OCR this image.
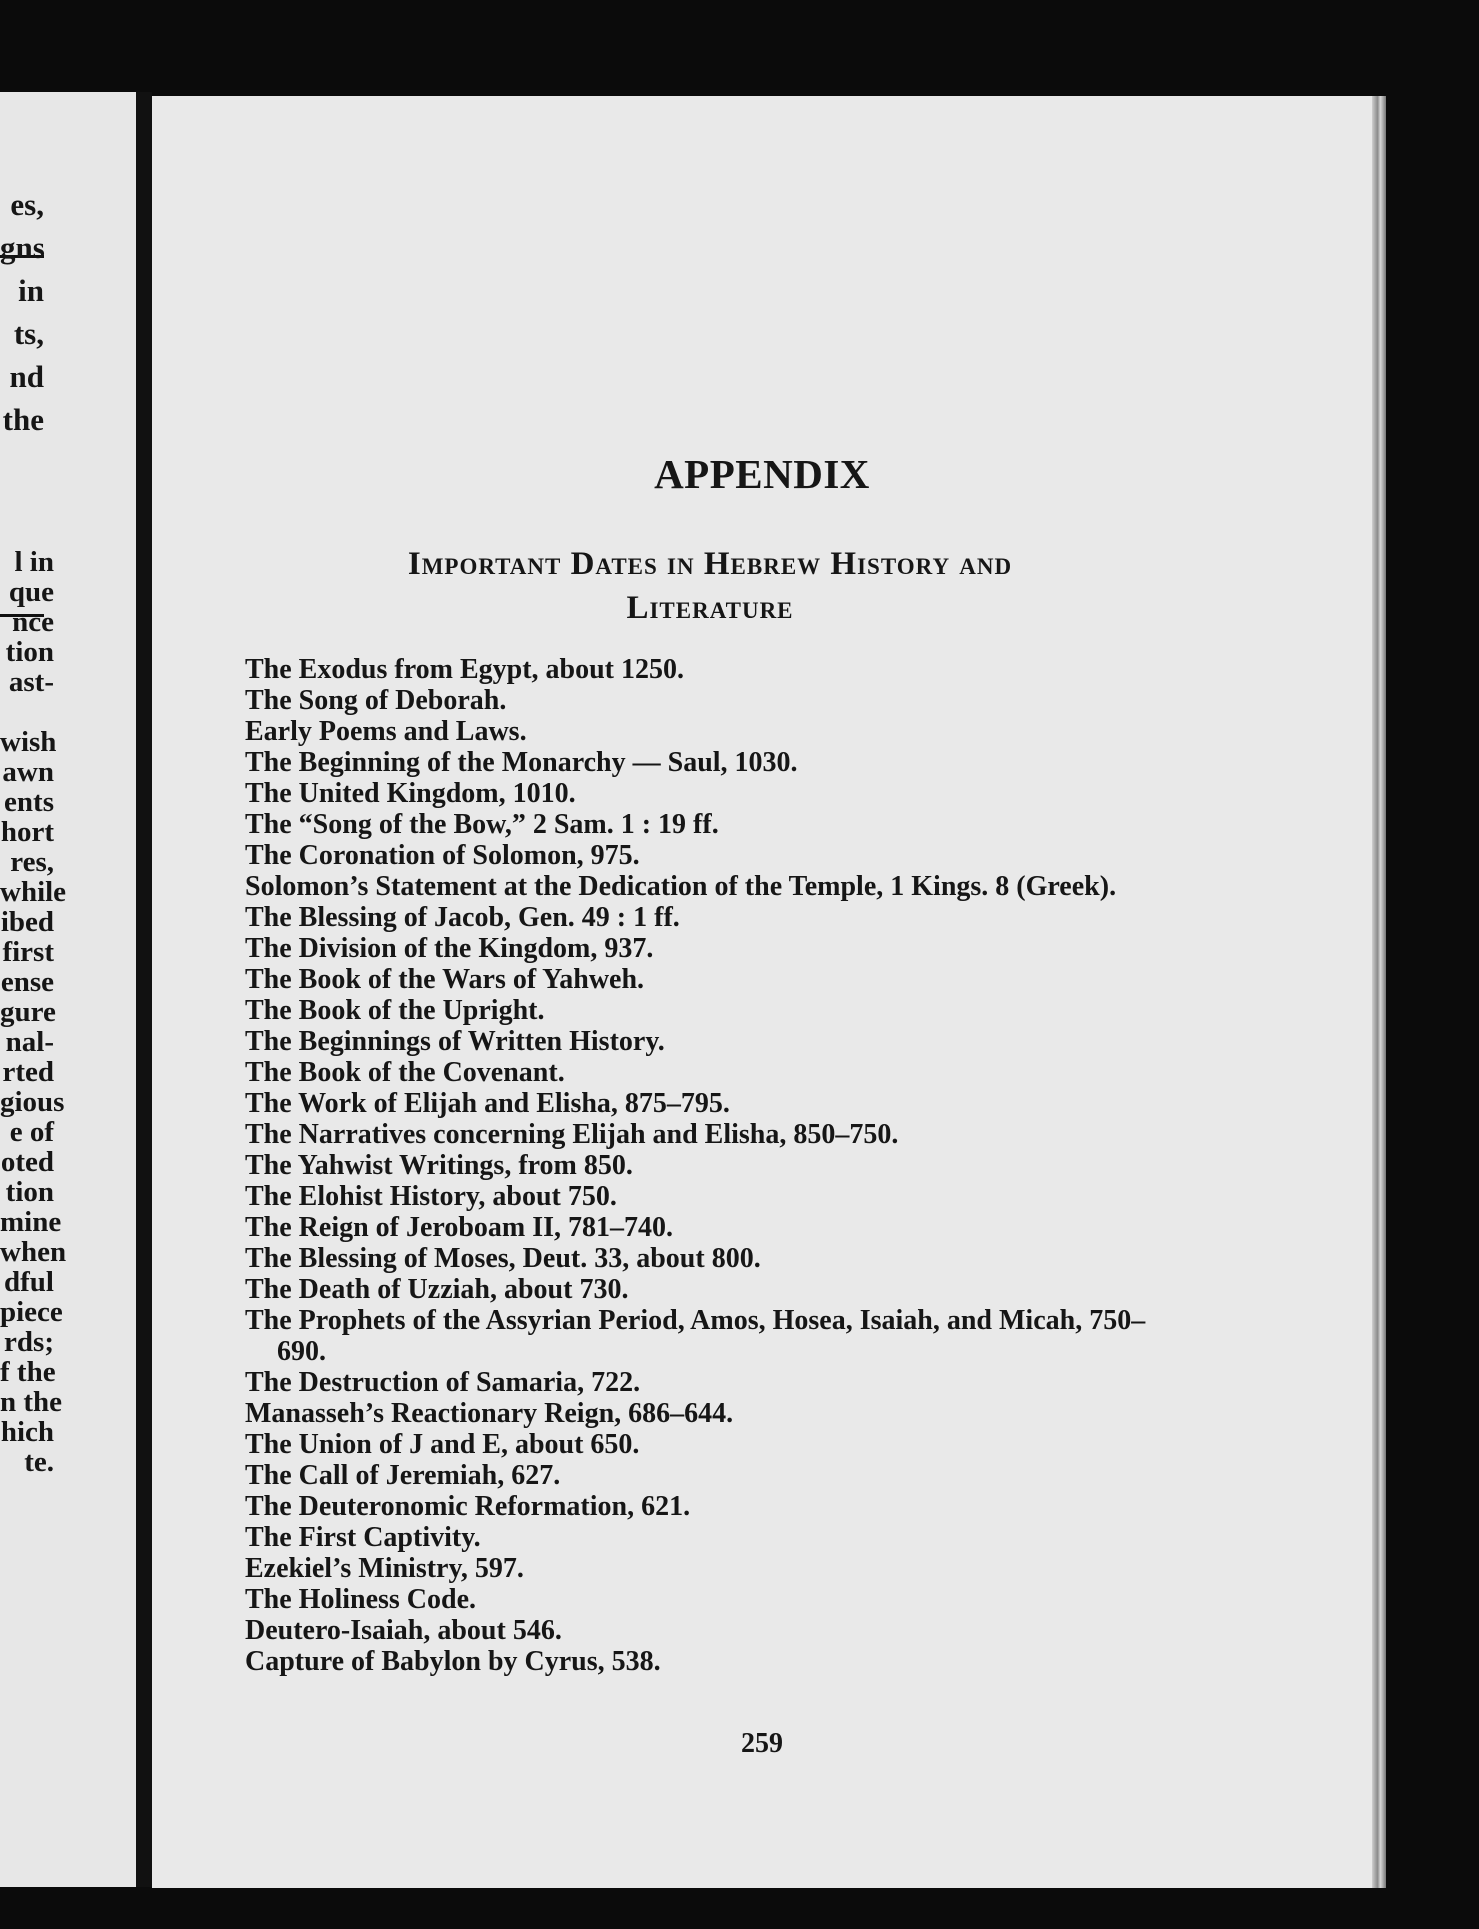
es,
gns
in
ts,
nd
the
l in
que
nce
tion
ast-

wish
awn
ents
hort
res,
while
ibed
first
ense
gure
nal-
rted
gious
e of
oted
tion
mine
when
dful
piece
rds;
f the
n the
hich
te.
APPENDIX
Important Dates in Hebrew History and
Literature
The Exodus from Egypt, about 1250.
The Song of Deborah.
Early Poems and Laws.
The Beginning of the Monarchy — Saul, 1030.
The United Kingdom, 1010.
The “Song of the Bow,” 2 Sam. 1 : 19 ff.
The Coronation of Solomon, 975.
Solomon’s Statement at the Dedication of the Temple, 1 Kings. 8 (Greek).
The Blessing of Jacob, Gen. 49 : 1 ff.
The Division of the Kingdom, 937.
The Book of the Wars of Yahweh.
The Book of the Upright.
The Beginnings of Written History.
The Book of the Covenant.
The Work of Elijah and Elisha, 875–795.
The Narratives concerning Elijah and Elisha, 850–750.
The Yahwist Writings, from 850.
The Elohist History, about 750.
The Reign of Jeroboam II, 781–740.
The Blessing of Moses, Deut. 33, about 800.
The Death of Uzziah, about 730.
The Prophets of the Assyrian Period, Amos, Hosea, Isaiah, and Micah, 750–690.
The Destruction of Samaria, 722.
Manasseh’s Reactionary Reign, 686–644.
The Union of J and E, about 650.
The Call of Jeremiah, 627.
The Deuteronomic Reformation, 621.
The First Captivity.
Ezekiel’s Ministry, 597.
The Holiness Code.
Deutero-Isaiah, about 546.
Capture of Babylon by Cyrus, 538.
259
